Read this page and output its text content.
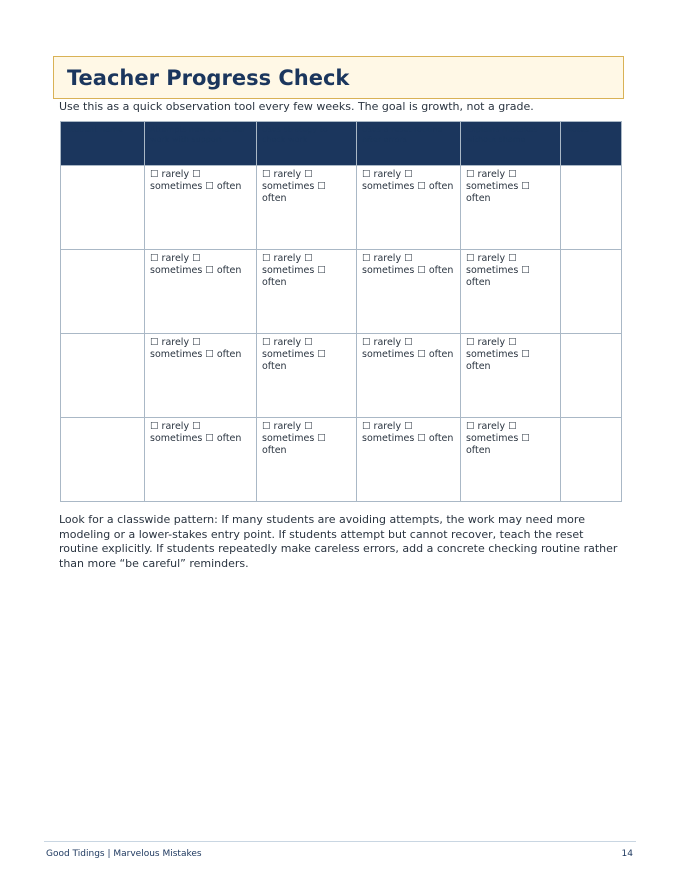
Teacher Progress Check
Use this as a quick observation tool every few weeks. The goal is growth, not a grade.
Student name	Attempts new or harder work with support	Uses strategy to check work	Uses a reset routine after errors	Explains mistakes without shame	Notes
	☐ rarely ☐ sometimes ☐ often	☐ rarely ☐ sometimes ☐ often	☐ rarely ☐ sometimes ☐ often	☐ rarely ☐ sometimes ☐ often	
	☐ rarely ☐ sometimes ☐ often	☐ rarely ☐ sometimes ☐ often	☐ rarely ☐ sometimes ☐ often	☐ rarely ☐ sometimes ☐ often	
	☐ rarely ☐ sometimes ☐ often	☐ rarely ☐ sometimes ☐ often	☐ rarely ☐ sometimes ☐ often	☐ rarely ☐ sometimes ☐ often	
	☐ rarely ☐ sometimes ☐ often	☐ rarely ☐ sometimes ☐ often	☐ rarely ☐ sometimes ☐ often	☐ rarely ☐ sometimes ☐ often	
Look for a classwide pattern: If many students are avoiding attempts, the work may need more modeling or a lower-stakes entry point. If students attempt but cannot recover, teach the reset routine explicitly. If students repeatedly make careless errors, add a concrete checking routine rather than more “be careful” reminders.
Good Tidings | Marvelous Mistakes	14
